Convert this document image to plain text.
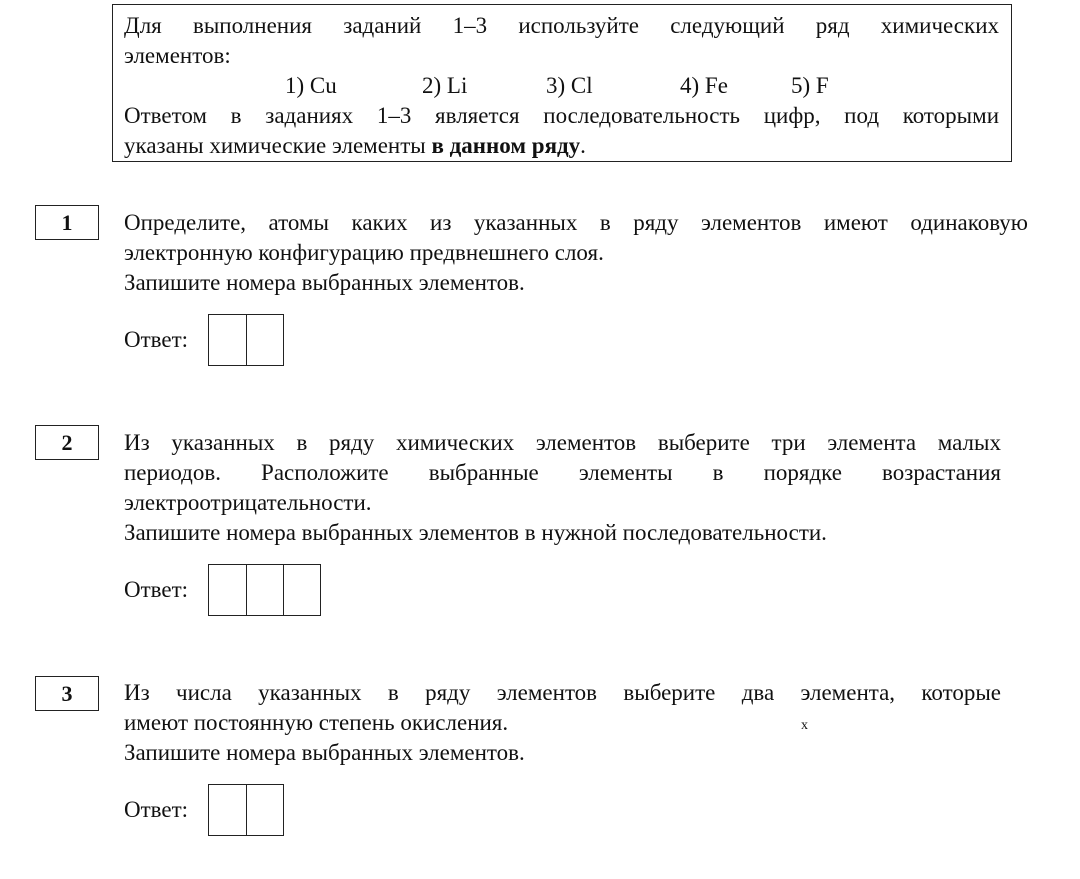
Для выполнения заданий 1–3 используйте следующий ряд химических

элементов:

1) Cu	2) Li	3) Cl	4) Fe	5) F

Ответом в заданиях 1–3 является последовательность цифр, под которыми

указаны химические элементы в данном ряду.

1	Определите, атомы каких из указанных в ряду элементов имеют одинаковую

электронную конфигурацию предвнешнего слоя.

Запишите номера выбранных элементов.

Ответ:
2	Из указанных в ряду химических элементов выберите три элемента малых

периодов. Расположите выбранные элементы в порядке возрастания

электроотрицательности.

Запишите номера выбранных элементов в нужной последовательности.

Ответ:
3	Из числа указанных в ряду элементов выберите два элемента, которые

имеют постоянную степень окисления.

Запишите номера выбранных элементов.

x
Ответ:
